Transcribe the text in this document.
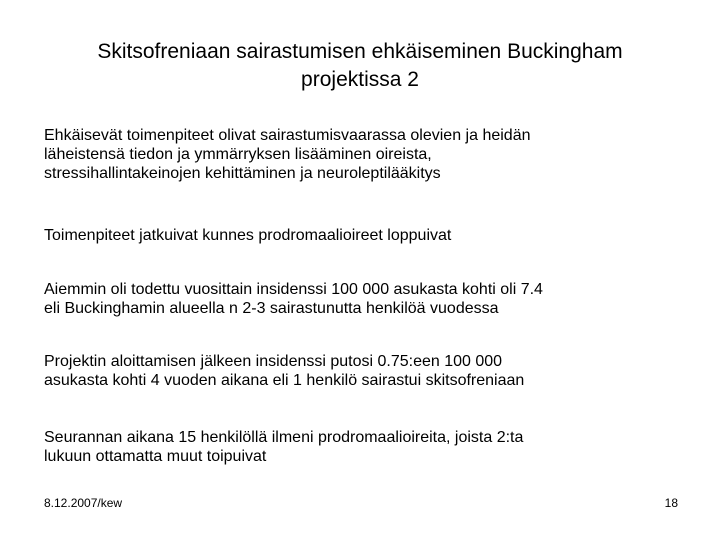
Skitsofreniaan sairastumisen ehkäiseminen Buckingham
projektissa 2

Ehkäisevät toimenpiteet olivat sairastumisvaarassa olevien ja heidän
läheistensä tiedon ja ymmärryksen lisääminen oireista,
stressihallintakeinojen kehittäminen ja neuroleptilääkitys

Toimenpiteet jatkuivat kunnes prodromaalioireet loppuivat

Aiemmin oli todettu vuosittain insidenssi 100 000 asukasta kohti oli 7.4
eli Buckinghamin alueella n 2-3 sairastunutta henkilöä vuodessa

Projektin aloittamisen jälkeen insidenssi putosi 0.75:een 100 000
asukasta kohti 4 vuoden aikana eli 1 henkilö sairastui skitsofreniaan

Seurannan aikana 15 henkilöllä ilmeni prodromaalioireita, joista 2:ta
lukuun ottamatta muut toipuivat

8.12.2007/kew	18
